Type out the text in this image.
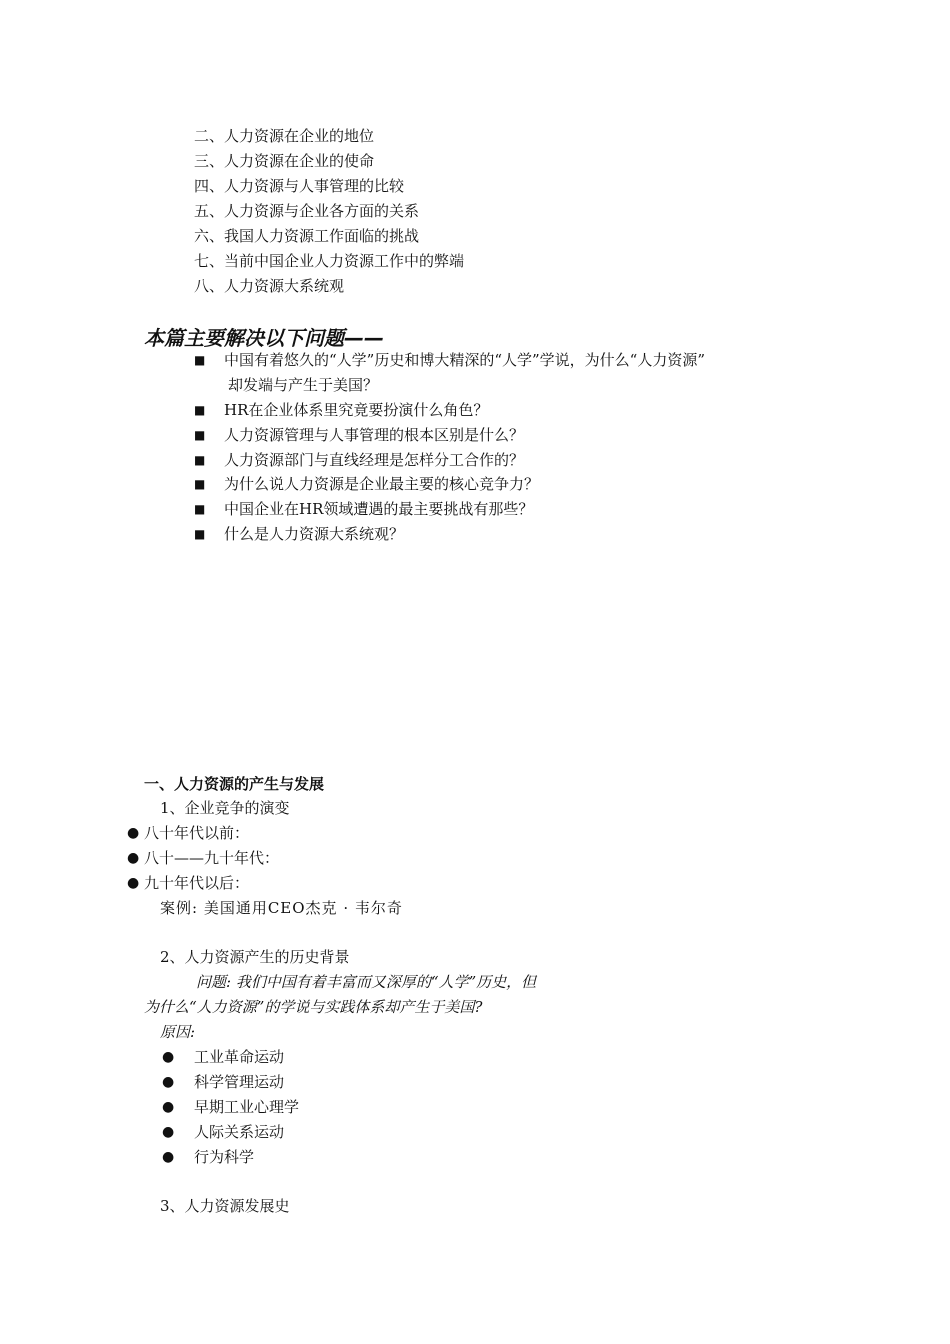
二、人力资源在企业的地位
三、人力资源在企业的使命
四、人力资源与人事管理的比较
五、人力资源与企业各方面的关系
六、我国人力资源工作面临的挑战
七、当前中国企业人力资源工作中的弊端
八、人力资源大系统观
本篇主要解决以下问题——
■ 中国有着悠久的“人学”历史和博大精深的“人学”学说，为什么“人力资源”
却发端与产生于美国？
■ HR在企业体系里究竟要扮演什么角色？
■ 人力资源管理与人事管理的根本区别是什么？
■ 人力资源部门与直线经理是怎样分工合作的？
■ 为什么说人力资源是企业最主要的核心竞争力？
■ 中国企业在HR领域遭遇的最主要挑战有那些？
■ 什么是人力资源大系统观？
一、人力资源的产生与发展
1、企业竞争的演变
● 八十年代以前：
● 八十——九十年代：
● 九十年代以后：
案例: 美国通用CEO杰克 · 韦尔奇
2、人力资源产生的历史背景
问题: 我们中国有着丰富而又深厚的“人学”历史，但
为什么“人力资源”的学说与实践体系却产生于美国?
原因:
● 工业革命运动
● 科学管理运动
● 早期工业心理学
● 人际关系运动
● 行为科学
3、人力资源发展史
